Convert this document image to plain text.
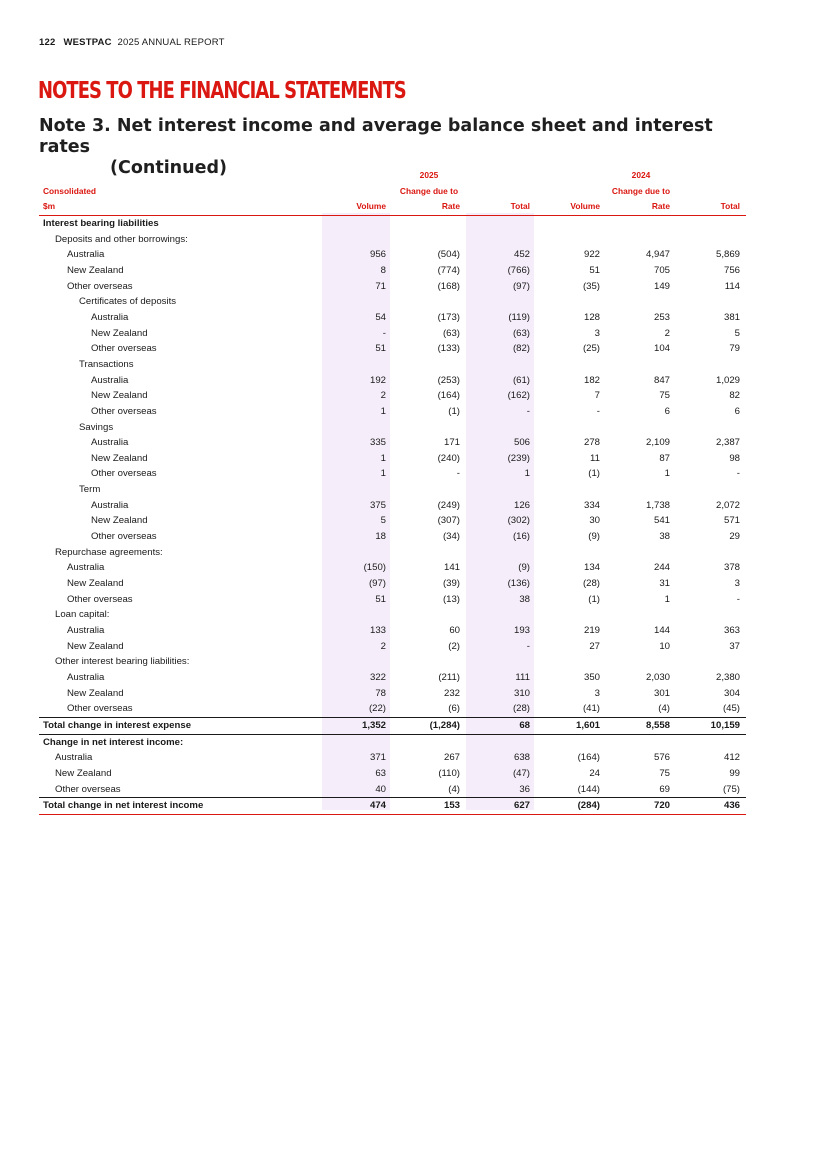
122 WESTPAC 2025 ANNUAL REPORT
NOTES TO THE FINANCIAL STATEMENTS
Note 3. Net interest income and average balance sheet and interest rates
(Continued)
			2025			2024	
Consolidated		Change due to			Change due to	
$m	Volume	Rate	Total	Volume	Rate	Total
Interest bearing liabilities						
Deposits and other borrowings:						
Australia	956	(504)	452	922	4,947	5,869
New Zealand	8	(774)	(766)	51	705	756
Other overseas	71	(168)	(97)	(35)	149	114
Certificates of deposits						
Australia	54	(173)	(119)	128	253	381
New Zealand	-	(63)	(63)	3	2	5
Other overseas	51	(133)	(82)	(25)	104	79
Transactions						
Australia	192	(253)	(61)	182	847	1,029
New Zealand	2	(164)	(162)	7	75	82
Other overseas	1	(1)	-	-	6	6
Savings						
Australia	335	171	506	278	2,109	2,387
New Zealand	1	(240)	(239)	11	87	98
Other overseas	1	-	1	(1)	1	-
Term						
Australia	375	(249)	126	334	1,738	2,072
New Zealand	5	(307)	(302)	30	541	571
Other overseas	18	(34)	(16)	(9)	38	29
Repurchase agreements:						
Australia	(150)	141	(9)	134	244	378
New Zealand	(97)	(39)	(136)	(28)	31	3
Other overseas	51	(13)	38	(1)	1	-
Loan capital:						
Australia	133	60	193	219	144	363
New Zealand	2	(2)	-	27	10	37
Other interest bearing liabilities:						
Australia	322	(211)	111	350	2,030	2,380
New Zealand	78	232	310	3	301	304
Other overseas	(22)	(6)	(28)	(41)	(4)	(45)
Total change in interest expense	1,352	(1,284)	68	1,601	8,558	10,159
Change in net interest income:						
Australia	371	267	638	(164)	576	412
New Zealand	63	(110)	(47)	24	75	99
Other overseas	40	(4)	36	(144)	69	(75)
Total change in net interest income	474	153	627	(284)	720	436
